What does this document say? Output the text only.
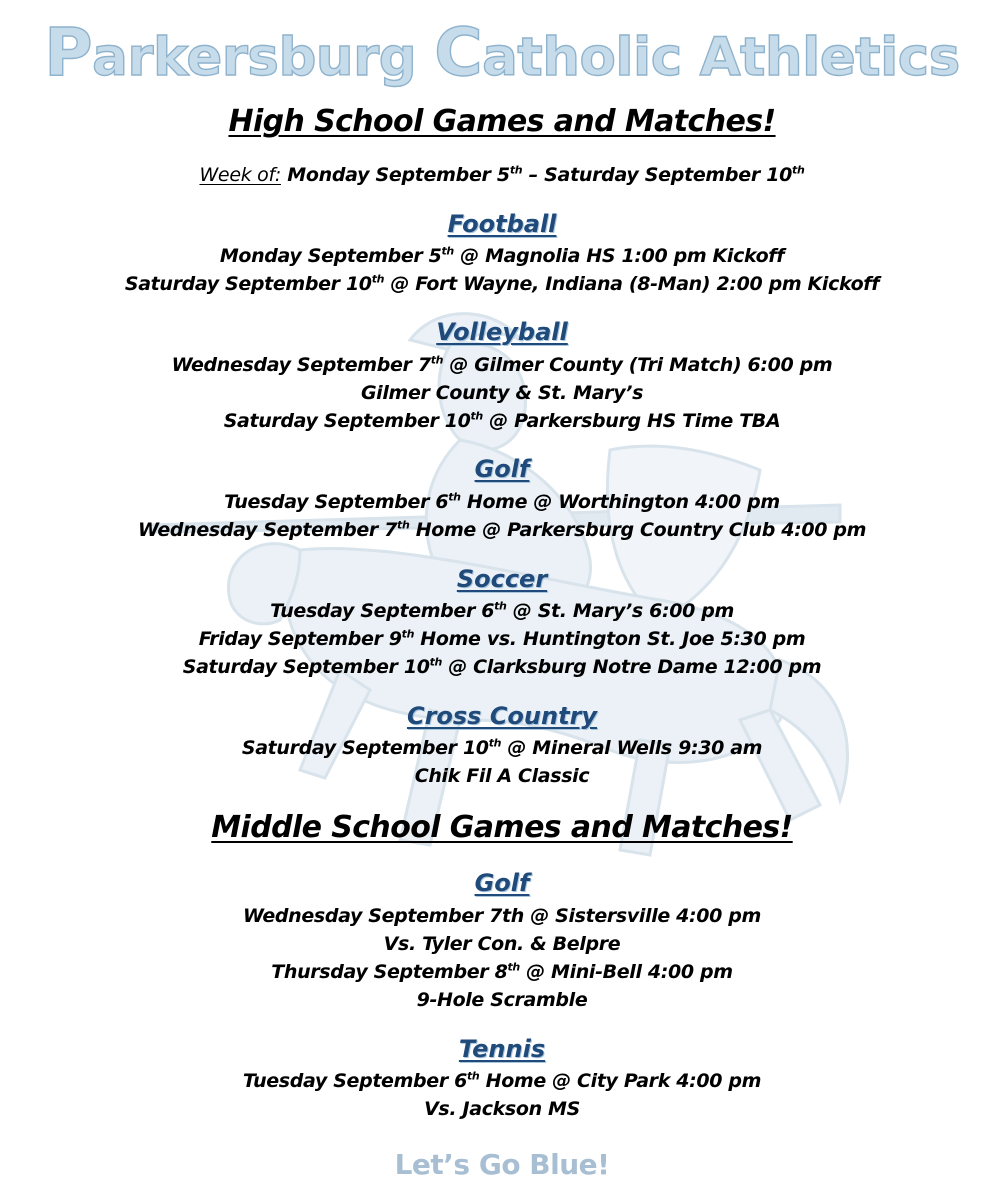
Parkersburg Catholic Athletics
High School Games and Matches!
Week of: Monday September 5th – Saturday September 10th
Football
Monday September 5th @ Magnolia HS 1:00 pm Kickoff
Saturday September 10th @ Fort Wayne, Indiana (8-Man) 2:00 pm Kickoff
Volleyball
Wednesday September 7th @ Gilmer County (Tri Match) 6:00 pm
Gilmer County & St. Mary’s
Saturday September 10th @ Parkersburg HS Time TBA
Golf
Tuesday September 6th Home @ Worthington 4:00 pm
Wednesday September 7th Home @ Parkersburg Country Club 4:00 pm
Soccer
Tuesday September 6th @ St. Mary’s 6:00 pm
Friday September 9th Home vs. Huntington St. Joe 5:30 pm
Saturday September 10th @ Clarksburg Notre Dame 12:00 pm
Cross Country
Saturday September 10th @ Mineral Wells 9:30 am
Chik Fil A Classic
Middle School Games and Matches!
Golf
Wednesday September 7th @ Sistersville 4:00 pm
Vs. Tyler Con. & Belpre
Thursday September 8th @ Mini-Bell 4:00 pm
9-Hole Scramble
Tennis
Tuesday September 6th Home @ City Park 4:00 pm
Vs. Jackson MS
Let’s Go Blue!
